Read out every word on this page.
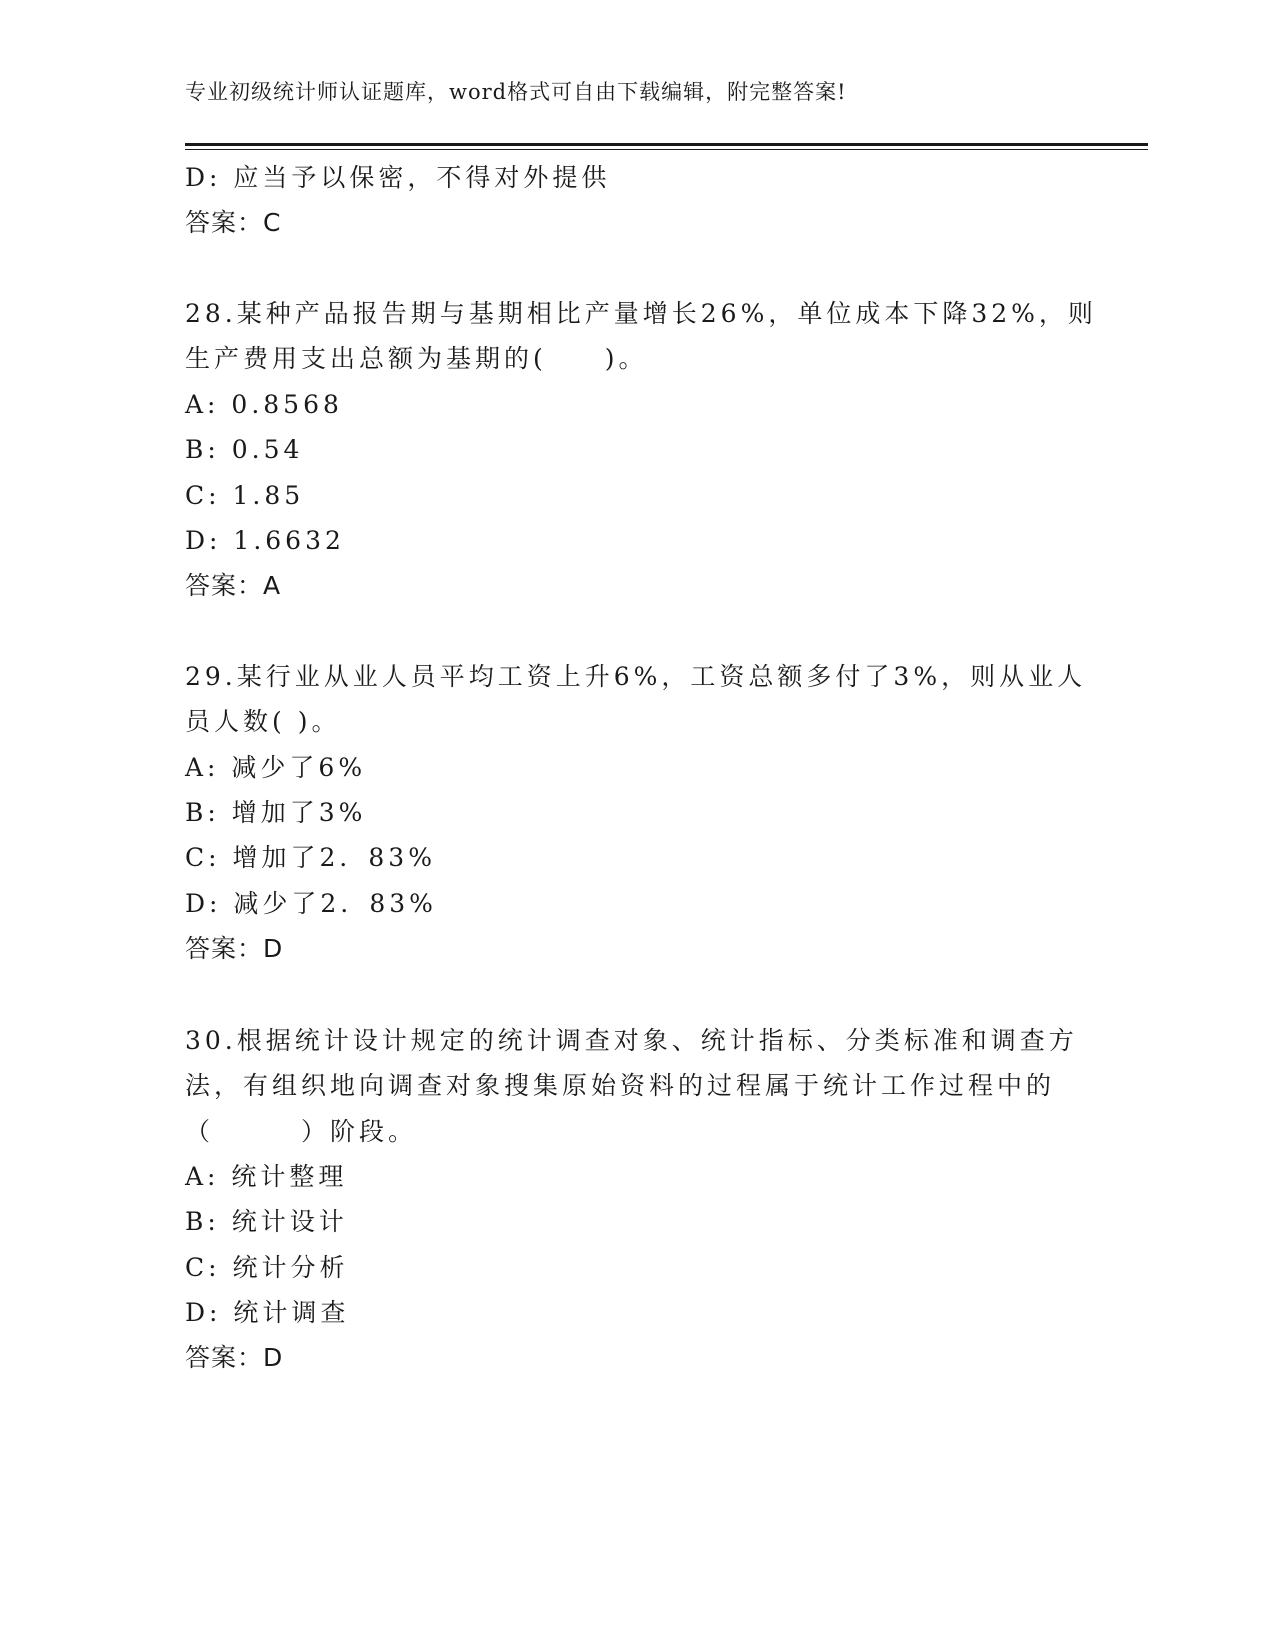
专业初级统计师认证题库，word格式可自由下载编辑，附完整答案!
D: 应当予以保密，不得对外提供
答案：C
28.某种产品报告期与基期相比产量增长26%，单位成本下降32%，则
生产费用支出总额为基期的(　　)。
A: 0.8568
B: 0.54
C: 1.85
D: 1.6632
答案：A
29.某行业从业人员平均工资上升6%，工资总额多付了3%，则从业人
员人数( )。
A: 减少了6%
B: 增加了3%
C: 增加了2．83%
D: 减少了2．83%
答案：D
30.根据统计设计规定的统计调查对象、统计指标、分类标准和调查方
法，有组织地向调查对象搜集原始资料的过程属于统计工作过程中的
（　　　）阶段。
A: 统计整理
B: 统计设计
C: 统计分析
D: 统计调查
答案：D
